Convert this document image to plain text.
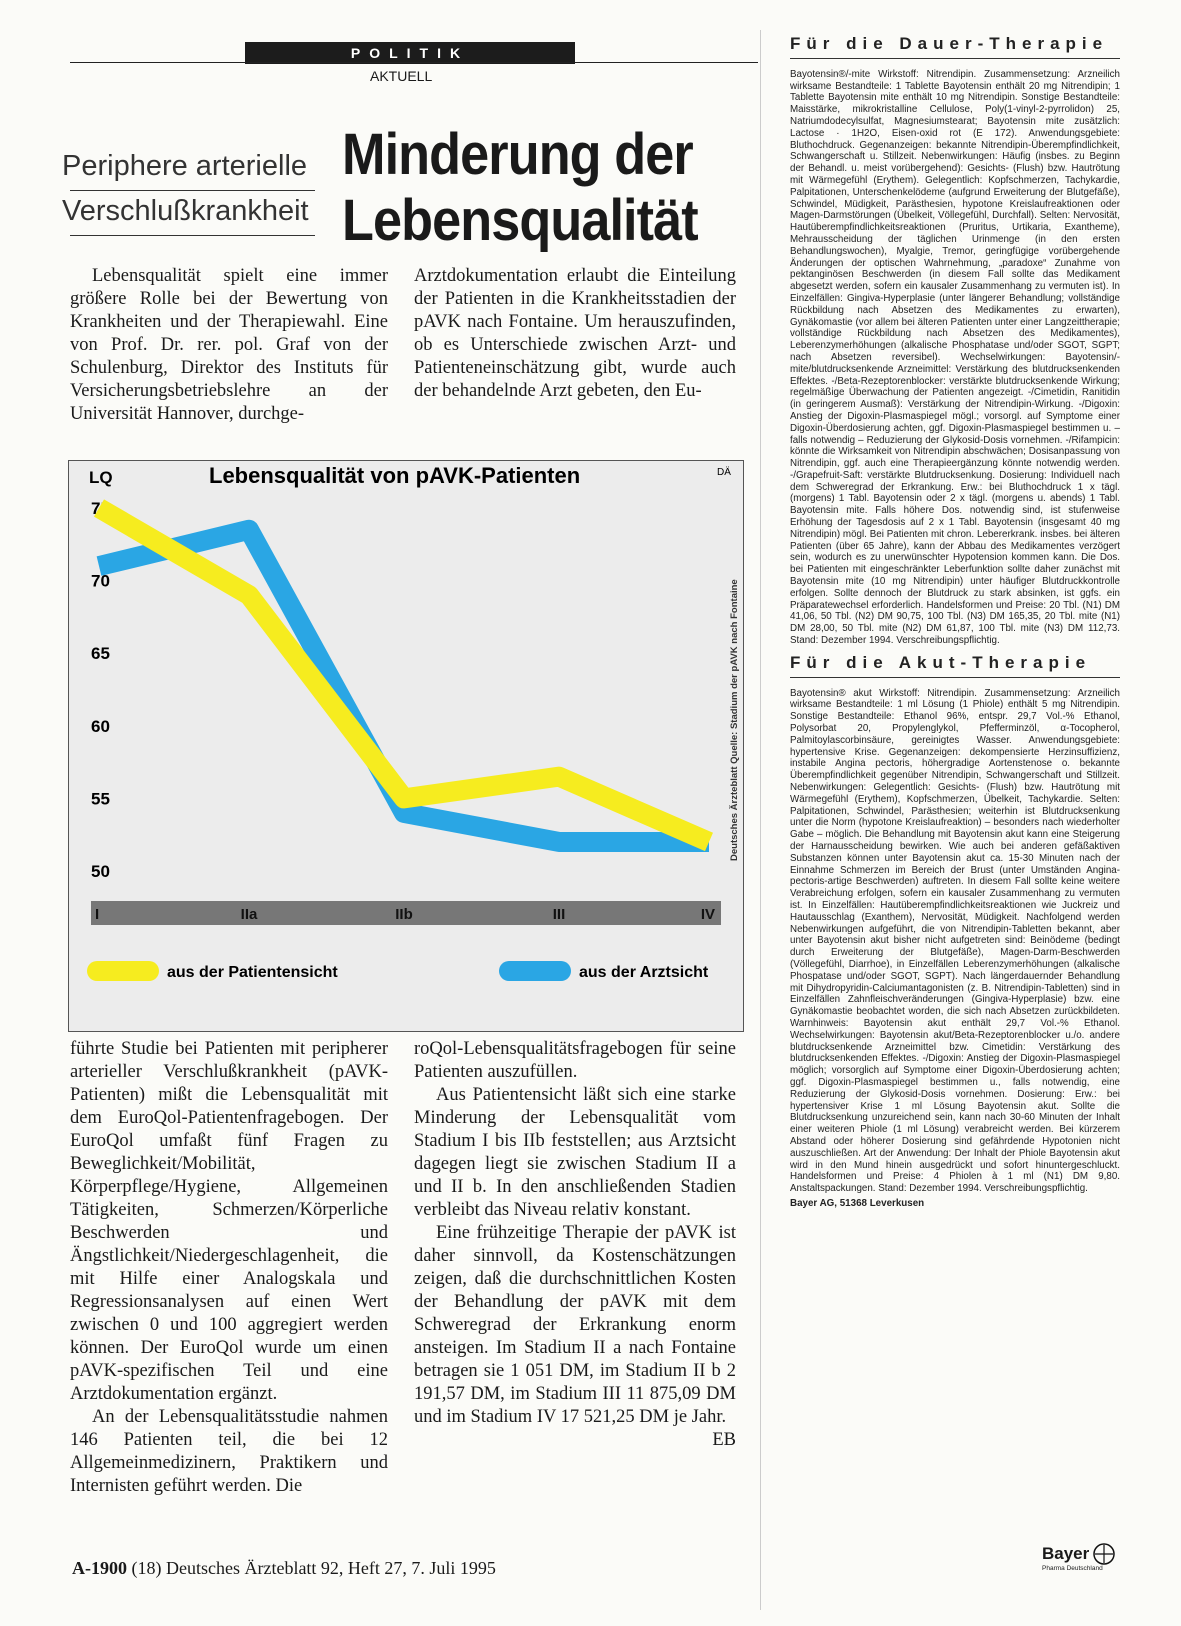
POLITIK
AKTUELL
Periphere arterielle
Verschlußkrankheit
Minderung der
Lebensqualität

Lebensqualität spielt eine immer größere Rolle bei der Bewertung von Krankheiten und der Therapiewahl. Eine von Prof. Dr. rer. pol. Graf von der Schulenburg, Direktor des Instituts für Versicherungsbetriebslehre an der Universität Hannover, durchge-

Arztdokumentation erlaubt die Einteilung der Patienten in die Krankheitsstadien der pAVK nach Fontaine. Um herauszufinden, ob es Unterschiede zwischen Arzt- und Patienteneinschätzung gibt, wurde auch der behandelnde Arzt gebeten, den Eu-

LQ	Lebensqualität von pAVK-Patienten	DÄ
75
70
65
60
55
50
I	IIa	IIb	III	IV
Deutsches Ärzteblatt Quelle: Stadium der pAVK nach Fontaine
aus der Patientensicht	aus der Arztsicht

führte Studie bei Patienten mit peripherer arterieller Verschlußkrankheit (pAVK-Patienten) mißt die Lebensqualität mit dem EuroQol-Patientenfragebogen. Der EuroQol umfaßt fünf Fragen zu Beweglichkeit/Mobilität, Körperpflege/Hygiene, Allgemeinen Tätigkeiten, Schmerzen/Körperliche Beschwerden und Ängstlichkeit/Niedergeschlagenheit, die mit Hilfe einer Analogskala und Regressionsanalysen auf einen Wert zwischen 0 und 100 aggregiert werden können. Der EuroQol wurde um einen pAVK-spezifischen Teil und eine Arztdokumentation ergänzt.

An der Lebensqualitätsstudie nahmen 146 Patienten teil, die bei 12 Allgemeinmedizinern, Praktikern und Internisten geführt werden. Die

roQol-Lebensqualitätsfragebogen für seine Patienten auszufüllen.

Aus Patientensicht läßt sich eine starke Minderung der Lebensqualität vom Stadium I bis IIb feststellen; aus Arztsicht dagegen liegt sie zwischen Stadium II a und II b. In den anschließenden Stadien verbleibt das Niveau relativ konstant.

Eine frühzeitige Therapie der pAVK ist daher sinnvoll, da Kostenschätzungen zeigen, daß die durchschnittlichen Kosten der Behandlung der pAVK mit dem Schweregrad der Erkrankung enorm ansteigen. Im Stadium II a nach Fontaine betragen sie 1 051 DM, im Stadium II b 2 191,57 DM, im Stadium III 11 875,09 DM und im Stadium IV 17 521,25 DM je Jahr.

EB
Für die Dauer-Therapie

Bayotensin®/-mite Wirkstoff: Nitrendipin. Zusammensetzung: Arzneilich wirksame Bestandteile: 1 Tablette Bayotensin enthält 20 mg Nitrendipin; 1 Tablette Bayotensin mite enthält 10 mg Nitrendipin. Sonstige Bestandteile: Maisstärke, mikrokristalline Cellulose, Poly(1-vinyl-2-pyrrolidon) 25, Natriumdodecylsulfat, Magnesiumstearat; Bayotensin mite zusätzlich: Lactose · 1H2O, Eisen-oxid rot (E 172). Anwendungsgebiete: Bluthochdruck. Gegenanzeigen: bekannte Nitrendipin-Überempfindlichkeit, Schwangerschaft u. Stillzeit. Nebenwirkungen: Häufig (insbes. zu Beginn der Behandl. u. meist vorübergehend): Gesichts- (Flush) bzw. Hautrötung mit Wärmegefühl (Erythem). Gelegentlich: Kopfschmerzen, Tachykardie, Palpitationen, Unterschenkelödeme (aufgrund Erweiterung der Blutgefäße), Schwindel, Müdigkeit, Parästhesien, hypotone Kreislaufreaktionen oder Magen-Darmstörungen (Übelkeit, Völlegefühl, Durchfall). Selten: Nervosität, Hautüberempfindlichkeitsreaktionen (Pruritus, Urtikaria, Exantheme), Mehrausscheidung der täglichen Urinmenge (in den ersten Behandlungswochen), Myalgie, Tremor, geringfügige vorübergehende Änderungen der optischen Wahrnehmung, „paradoxe“ Zunahme von pektanginösen Beschwerden (in diesem Fall sollte das Medikament abgesetzt werden, sofern ein kausaler Zusammenhang zu vermuten ist). In Einzelfällen: Gingiva-Hyperplasie (unter längerer Behandlung; vollständige Rückbildung nach Absetzen des Medikamentes zu erwarten), Gynäkomastie (vor allem bei älteren Patienten unter einer Langzeittherapie; vollständige Rückbildung nach Absetzen des Medikamentes), Leberenzymerhöhungen (alkalische Phosphatase und/oder SGOT, SGPT; nach Absetzen reversibel). Wechselwirkungen: Bayotensin/-mite/blutdrucksenkende Arzneimittel: Verstärkung des blutdrucksenkenden Effektes. -/Beta-Rezeptorenblocker: verstärkte blutdrucksenkende Wirkung; regelmäßige Überwachung der Patienten angezeigt. -/Cimetidin, Ranitidin (in geringerem Ausmaß): Verstärkung der Nitrendipin-Wirkung. -/Digoxin: Anstieg der Digoxin-Plasmaspiegel mögl.; vorsorgl. auf Symptome einer Digoxin-Überdosierung achten, ggf. Digoxin-Plasmaspiegel bestimmen u. – falls notwendig – Reduzierung der Glykosid-Dosis vornehmen. -/Rifampicin: könnte die Wirksamkeit von Nitrendipin abschwächen; Dosisanpassung von Nitrendipin, ggf. auch eine Therapieergänzung könnte notwendig werden. -/Grapefruit-Saft: verstärkte Blutdrucksenkung. Dosierung: Individuell nach dem Schweregrad der Erkrankung. Erw.: bei Bluthochdruck 1 x tägl. (morgens) 1 Tabl. Bayotensin oder 2 x tägl. (morgens u. abends) 1 Tabl. Bayotensin mite. Falls höhere Dos. notwendig sind, ist stufenweise Erhöhung der Tagesdosis auf 2 x 1 Tabl. Bayotensin (insgesamt 40 mg Nitrendipin) mögl. Bei Patienten mit chron. Lebererkrank. insbes. bei älteren Patienten (über 65 Jahre), kann der Abbau des Medikamentes verzögert sein, wodurch es zu unerwünschter Hypotension kommen kann. Die Dos. bei Patienten mit eingeschränkter Leberfunktion sollte daher zunächst mit Bayotensin mite (10 mg Nitrendipin) unter häufiger Blutdruckkontrolle erfolgen. Sollte dennoch der Blutdruck zu stark absinken, ist ggfs. ein Präparatewechsel erforderlich. Handelsformen und Preise: 20 Tbl. (N1) DM 41,06, 50 Tbl. (N2) DM 90,75, 100 Tbl. (N3) DM 165,35, 20 Tbl. mite (N1) DM 28,00, 50 Tbl. mite (N2) DM 61,87, 100 Tbl. mite (N3) DM 112,73. Stand: Dezember 1994. Verschreibungspflichtig.

Für die Akut-Therapie

Bayotensin® akut Wirkstoff: Nitrendipin. Zusammensetzung: Arzneilich wirksame Bestandteile: 1 ml Lösung (1 Phiole) enthält 5 mg Nitrendipin. Sonstige Bestandteile: Ethanol 96%, entspr. 29,7 Vol.-% Ethanol, Polysorbat 20, Propylenglykol, Pfefferminzöl, α-Tocopherol, Palmitoylascorbinsäure, gereinigtes Wasser. Anwendungsgebiete: hypertensive Krise. Gegenanzeigen: dekompensierte Herzinsuffizienz, instabile Angina pectoris, höhergradige Aortenstenose o. bekannte Überempfindlichkeit gegenüber Nitrendipin, Schwangerschaft und Stillzeit. Nebenwirkungen: Gelegentlich: Gesichts- (Flush) bzw. Hautrötung mit Wärmegefühl (Erythem), Kopfschmerzen, Übelkeit, Tachykardie. Selten: Palpitationen, Schwindel, Parästhesien; weiterhin ist Blutdrucksenkung unter die Norm (hypotone Kreislaufreaktion) – besonders nach wiederholter Gabe – möglich. Die Behandlung mit Bayotensin akut kann eine Steigerung der Harnausscheidung bewirken. Wie auch bei anderen gefäßaktiven Substanzen können unter Bayotensin akut ca. 15-30 Minuten nach der Einnahme Schmerzen im Bereich der Brust (unter Umständen Angina-pectoris-artige Beschwerden) auftreten. In diesem Fall sollte keine weitere Verabreichung erfolgen, sofern ein kausaler Zusammenhang zu vermuten ist. In Einzelfällen: Hautüberempfindlichkeitsreaktionen wie Juckreiz und Hautausschlag (Exanthem), Nervosität, Müdigkeit. Nachfolgend werden Nebenwirkungen aufgeführt, die von Nitrendipin-Tabletten bekannt, aber unter Bayotensin akut bisher nicht aufgetreten sind: Beinödeme (bedingt durch Erweiterung der Blutgefäße), Magen-Darm-Beschwerden (Völlegefühl, Diarrhoe), in Einzelfällen Leberenzymerhöhungen (alkalische Phospatase und/oder SGOT, SGPT). Nach längerdauernder Behandlung mit Dihydropyridin-Calciumantagonisten (z. B. Nitrendipin-Tabletten) sind in Einzelfällen Zahnfleischveränderungen (Gingiva-Hyperplasie) bzw. eine Gynäkomastie beobachtet worden, die sich nach Absetzen zurückbildeten. Warnhinweis: Bayotensin akut enthält 29,7 Vol.-% Ethanol. Wechselwirkungen: Bayotensin akut/Beta-Rezeptorenblocker u./o. andere blutdrucksenkende Arzneimittel bzw. Cimetidin: Verstärkung des blutdrucksenkenden Effektes. -/Digoxin: Anstieg der Digoxin-Plasmaspiegel möglich; vorsorglich auf Symptome einer Digoxin-Überdosierung achten; ggf. Digoxin-Plasmaspiegel bestimmen u., falls notwendig, eine Reduzierung der Glykosid-Dosis vornehmen. Dosierung: Erw.: bei hypertensiver Krise 1 ml Lösung Bayotensin akut. Sollte die Blutdrucksenkung unzureichend sein, kann nach 30-60 Minuten der Inhalt einer weiteren Phiole (1 ml Lösung) verabreicht werden. Bei kürzerem Abstand oder höherer Dosierung sind gefährdende Hypotonien nicht auszuschließen. Art der Anwendung: Der Inhalt der Phiole Bayotensin akut wird in den Mund hinein ausgedrückt und sofort hinuntergeschluckt. Handelsformen und Preise: 4 Phiolen à 1 ml (N1) DM 9,80. Anstaltspackungen. Stand: Dezember 1994. Verschreibungspflichtig.

Bayer AG, 51368 Leverkusen

Bayer
Pharma Deutschland
A-1900 (18) Deutsches Ärzteblatt 92, Heft 27, 7. Juli 1995
